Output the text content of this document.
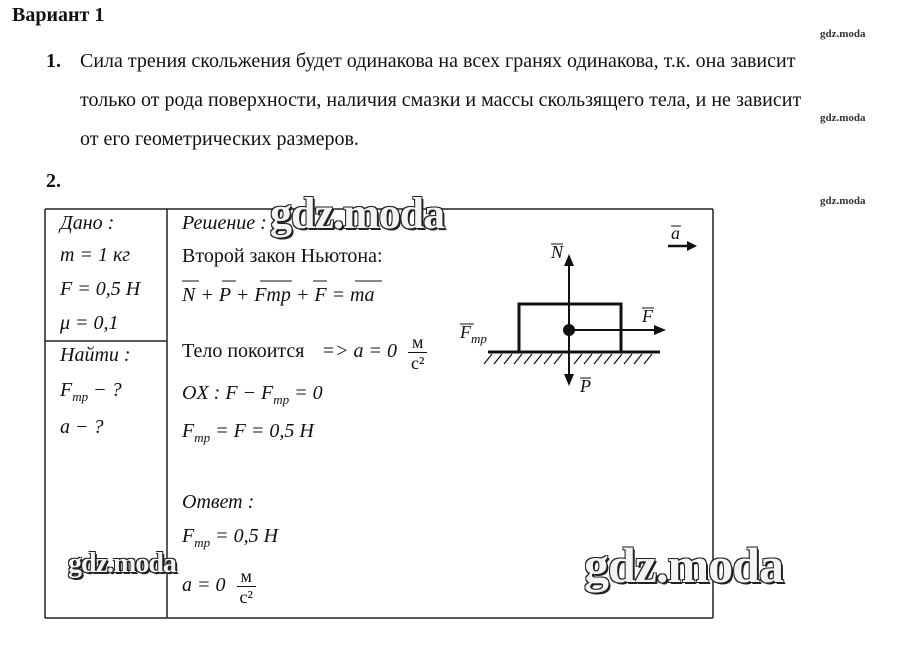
Вариант 1
gdz.moda
gdz.moda
gdz.moda
1. Сила трения скольжения будет одинакова на всех гранях одинакова, т.к. она зависит
только от рода поверхности, наличия смазки и массы скользящего тела, и не зависит
от его геометрических размеров.
2.
Дано :
m = 1 кг
F = 0,5 Н
μ = 0,1
Найти :
$F_{тр}$ − ?
a − ?
Решение :
Второй закон Ньютона:
N + P + Fтр + F = ma
Тело покоится => $a = 0 \frac{м}{\text{с²}}$
OX : $F - F_{тр} = 0$
$F_{тр} = F = 0,5$ Н
Ответ :
$F_{тр} = 0,5$ Н
$a = 0 \frac{м}{\text{с²}}$
N
P
F
$F_{тр}$
a
gdz.moda
gdz.moda	gdz.moda
